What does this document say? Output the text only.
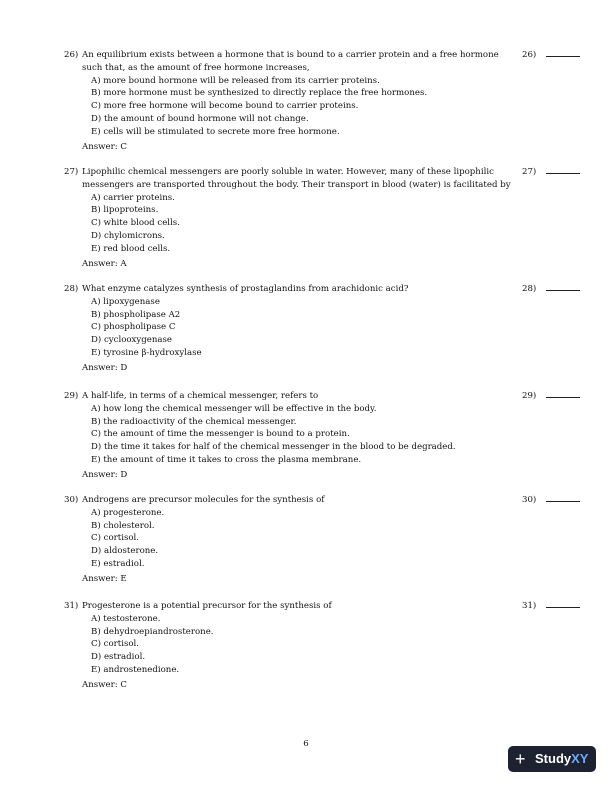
26) An equilibrium exists between a hormone that is bound to a carrier protein and a free hormone such that, as the amount of free hormone increases,
A) more bound hormone will be released from its carrier proteins.
B) more hormone must be synthesized to directly replace the free hormones.
C) more free hormone will become bound to carrier proteins.
D) the amount of bound hormone will not change.
E) cells will be stimulated to secrete more free hormone.
Answer: C
26)
27) Lipophilic chemical messengers are poorly soluble in water. However, many of these lipophilic messengers are transported throughout the body. Their transport in blood (water) is facilitated by
A) carrier proteins.
B) lipoproteins.
C) white blood cells.
D) chylomicrons.
E) red blood cells.
Answer: A
27)
28) What enzyme catalyzes synthesis of prostaglandins from arachidonic acid?
A) lipoxygenase
B) phospholipase A2
C) phospholipase C
D) cyclooxygenase
E) tyrosine β-hydroxylase
Answer: D
28)
29) A half-life, in terms of a chemical messenger, refers to
A) how long the chemical messenger will be effective in the body.
B) the radioactivity of the chemical messenger.
C) the amount of time the messenger is bound to a protein.
D) the time it takes for half of the chemical messenger in the blood to be degraded.
E) the amount of time it takes to cross the plasma membrane.
Answer: D
29)
30) Androgens are precursor molecules for the synthesis of
A) progesterone.
B) cholesterol.
C) cortisol.
D) aldosterone.
E) estradiol.
Answer: E
30)
31) Progesterone is a potential precursor for the synthesis of
A) testosterone.
B) dehydroepiandrosterone.
C) cortisol.
D) estradiol.
E) androstenedione.
Answer: C
31)
6
+ StudyXY
